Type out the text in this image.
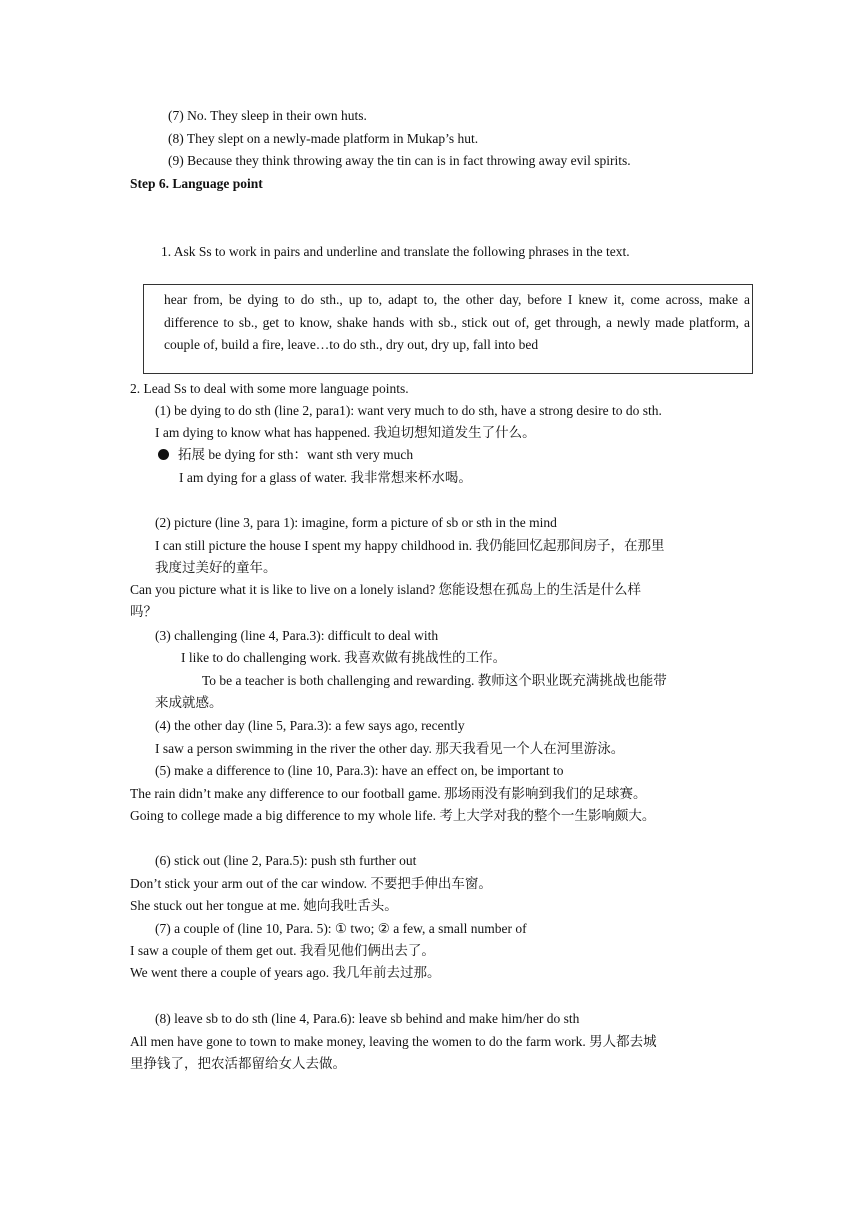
(7) No. They sleep in their own huts.
(8) They slept on a newly-made platform in Mukap’s hut.
(9) Because they think throwing away the tin can is in fact throwing away evil spirits.
Step 6. Language point
1. Ask Ss to work in pairs and underline and translate the following phrases in the text.
hear from, be dying to do sth., up to, adapt to, the other day, before I knew it, come across, make a difference to sb., get to know, shake hands with sb., stick out of, get through, a newly made platform, a couple of, build a fire, leave…to do sth., dry out, dry up, fall into bed
2. Lead Ss to deal with some more language points.
(1) be dying to do sth (line 2, para1): want very much to do sth, have a strong desire to do sth.
I am dying to know what has happened. 我迫切想知道发生了什么。
拓展 be dying for sth：want sth very much
I am dying for a glass of water. 我非常想来杯水喝。
(2) picture (line 3, para 1): imagine, form a picture of sb or sth in the mind
I can still picture the house I spent my happy childhood in. 我仍能回忆起那间房子，在那里
我度过美好的童年。
Can you picture what it is like to live on a lonely island? 您能设想在孤岛上的生活是什么样
吗？
(3) challenging (line 4, Para.3): difficult to deal with
I like to do challenging work. 我喜欢做有挑战性的工作。
To be a teacher is both challenging and rewarding. 教师这个职业既充满挑战也能带
来成就感。
(4) the other day (line 5, Para.3): a few says ago, recently
I saw a person swimming in the river the other day. 那天我看见一个人在河里游泳。
(5) make a difference to (line 10, Para.3): have an effect on, be important to
The rain didn’t make any difference to our football game. 那场雨没有影响到我们的足球赛。
Going to college made a big difference to my whole life. 考上大学对我的整个一生影响颇大。
(6) stick out (line 2, Para.5): push sth further out
Don’t stick your arm out of the car window. 不要把手伸出车窗。
She stuck out her tongue at me. 她向我吐舌头。
(7) a couple of (line 10, Para. 5): ① two; ② a few, a small number of
I saw a couple of them get out. 我看见他们俩出去了。
We went there a couple of years ago. 我几年前去过那。
(8) leave sb to do sth (line 4, Para.6): leave sb behind and make him/her do sth
All men have gone to town to make money, leaving the women to do the farm work. 男人都去城
里挣钱了，把农活都留给女人去做。
